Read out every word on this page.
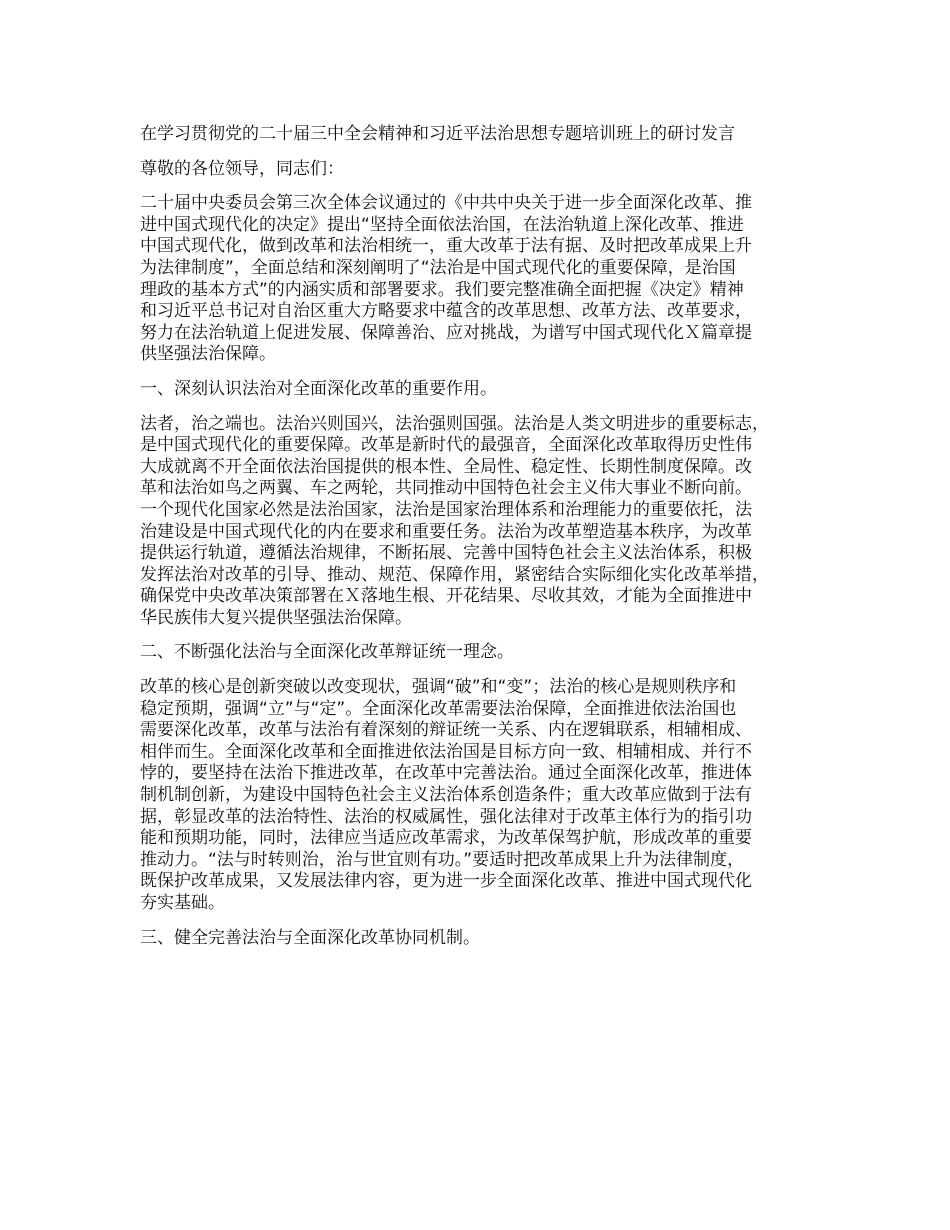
在学习贯彻党的二十届三中全会精神和习近平法治思想专题培训班上的研讨发言

尊敬的各位领导，同志们：

二十届中央委员会第三次全体会议通过的《中共中央关于进一步全面深化改革、推
进中国式现代化的决定》提出“坚持全面依法治国，在法治轨道上深化改革、推进
中国式现代化，做到改革和法治相统一，重大改革于法有据、及时把改革成果上升
为法律制度”，全面总结和深刻阐明了“法治是中国式现代化的重要保障，是治国
理政的基本方式”的内涵实质和部署要求。我们要完整准确全面把握《决定》精神
和习近平总书记对自治区重大方略要求中蕴含的改革思想、改革方法、改革要求，
努力在法治轨道上促进发展、保障善治、应对挑战，为谱写中国式现代化Ｘ篇章提
供坚强法治保障。

一、深刻认识法治对全面深化改革的重要作用。

法者，治之端也。法治兴则国兴，法治强则国强。法治是人类文明进步的重要标志，
是中国式现代化的重要保障。改革是新时代的最强音，全面深化改革取得历史性伟
大成就离不开全面依法治国提供的根本性、全局性、稳定性、长期性制度保障。改
革和法治如鸟之两翼、车之两轮，共同推动中国特色社会主义伟大事业不断向前。
一个现代化国家必然是法治国家，法治是国家治理体系和治理能力的重要依托，法
治建设是中国式现代化的内在要求和重要任务。法治为改革塑造基本秩序，为改革
提供运行轨道，遵循法治规律，不断拓展、完善中国特色社会主义法治体系，积极
发挥法治对改革的引导、推动、规范、保障作用，紧密结合实际细化实化改革举措，
确保党中央改革决策部署在Ｘ落地生根、开花结果、尽收其效，才能为全面推进中
华民族伟大复兴提供坚强法治保障。

二、不断强化法治与全面深化改革辩证统一理念。

改革的核心是创新突破以改变现状，强调“破”和“变”；法治的核心是规则秩序和
稳定预期，强调“立”与“定”。全面深化改革需要法治保障，全面推进依法治国也
需要深化改革，改革与法治有着深刻的辩证统一关系、内在逻辑联系，相辅相成、
相伴而生。全面深化改革和全面推进依法治国是目标方向一致、相辅相成、并行不
悖的，要坚持在法治下推进改革，在改革中完善法治。通过全面深化改革，推进体
制机制创新，为建设中国特色社会主义法治体系创造条件；重大改革应做到于法有
据，彰显改革的法治特性、法治的权威属性，强化法律对于改革主体行为的指引功
能和预期功能，同时，法律应当适应改革需求，为改革保驾护航，形成改革的重要
推动力。“法与时转则治，治与世宜则有功。”要适时把改革成果上升为法律制度，
既保护改革成果，又发展法律内容，更为进一步全面深化改革、推进中国式现代化
夯实基础。

三、健全完善法治与全面深化改革协同机制。
